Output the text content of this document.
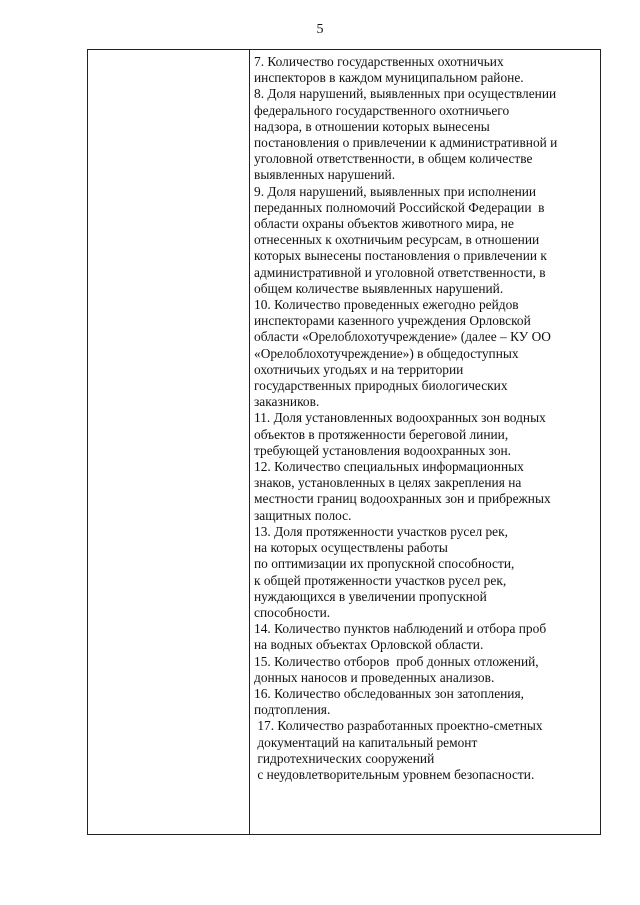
5
7. Количество государственных охотничьих
инспекторов в каждом муниципальном районе.
8. Доля нарушений, выявленных при осуществлении
федерального государственного охотничьего
надзора, в отношении которых вынесены
постановления о привлечении к административной и
уголовной ответственности, в общем количестве
выявленных нарушений.
9. Доля нарушений, выявленных при исполнении
переданных полномочий Российской Федерации  в
области охраны объектов животного мира, не
отнесенных к охотничьим ресурсам, в отношении
которых вынесены постановления о привлечении к
административной и уголовной ответственности, в
общем количестве выявленных нарушений.
10. Количество проведенных ежегодно рейдов
инспекторами казенного учреждения Орловской
области «Орелоблохотучреждение» (далее – КУ ОО
«Орелоблохотучреждение») в общедоступных
охотничьих угодьях и на территории
государственных природных биологических
заказников.
11. Доля установленных водоохранных зон водных
объектов в протяженности береговой линии,
требующей установления водоохранных зон.
12. Количество специальных информационных
знаков, установленных в целях закрепления на
местности границ водоохранных зон и прибрежных
защитных полос.
13. Доля протяженности участков русел рек,
на которых осуществлены работы
по оптимизации их пропускной способности,
к общей протяженности участков русел рек,
нуждающихся в увеличении пропускной
способности.
14. Количество пунктов наблюдений и отбора проб
на водных объектах Орловской области.
15. Количество отборов  проб донных отложений,
донных наносов и проведенных анализов.
16. Количество обследованных зон затопления,
подтопления.
17. Количество разработанных проектно-сметных
документаций на капитальный ремонт
гидротехнических сооружений
с неудовлетворительным уровнем безопасности.
